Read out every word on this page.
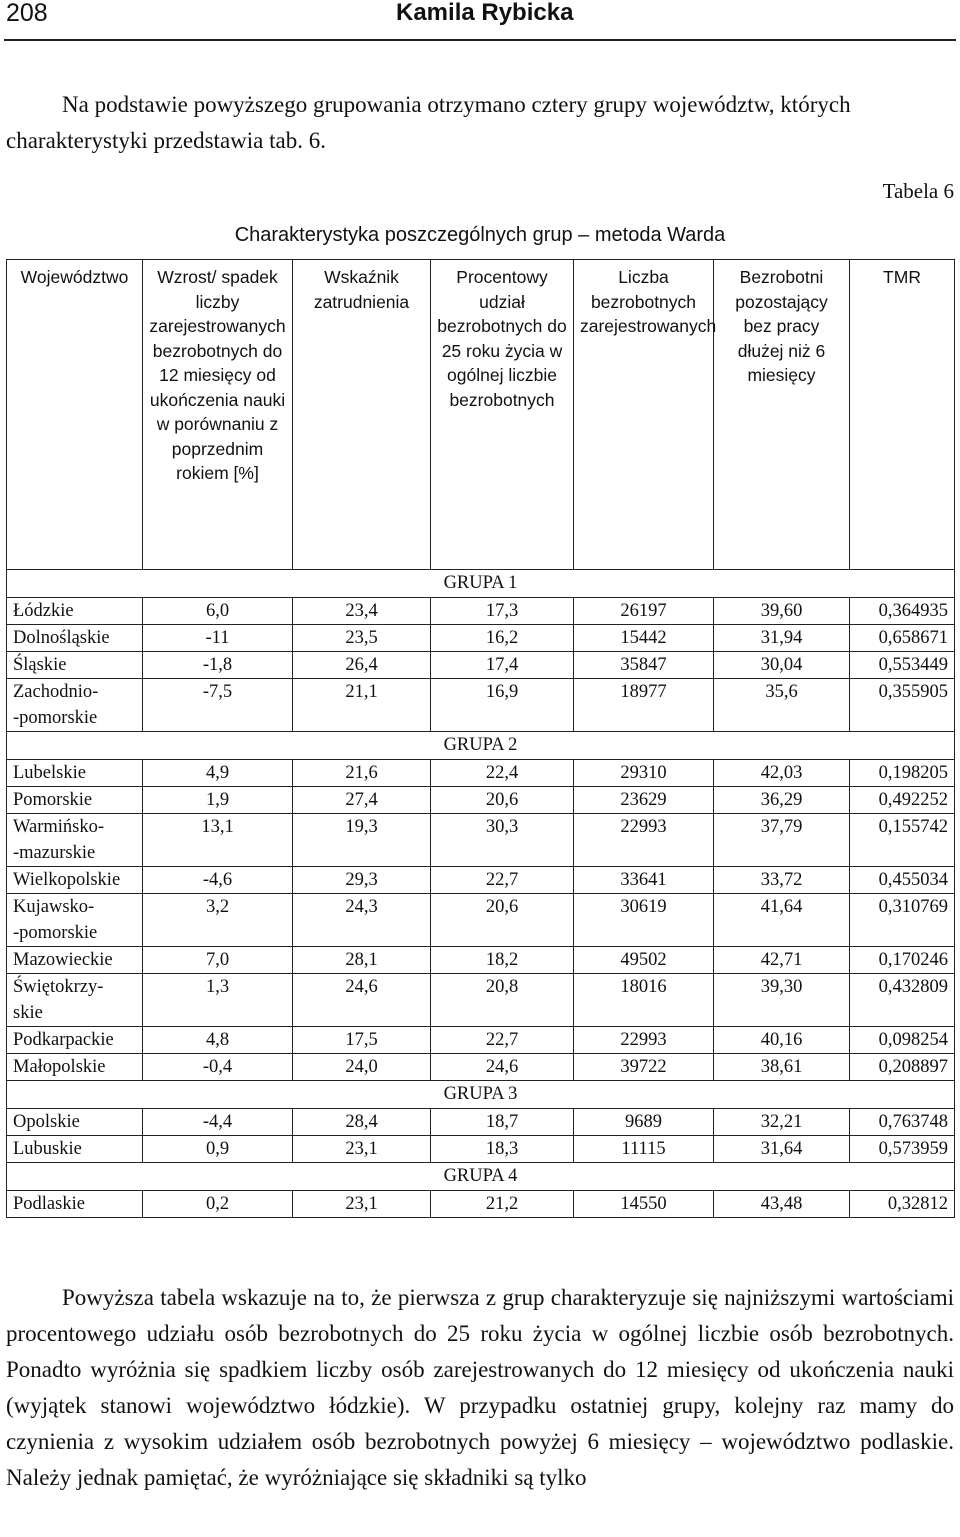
208	Kamila Rybicka

Na podstawie powyższego grupowania otrzymano cztery grupy województw, których charakterystyki przedstawia tab. 6.

Tabela 6
Charakterystyka poszczególnych grup – metoda Warda
Województwo	Wzrost/ spadek liczby zarejestrowanych bezrobotnych do 12 miesięcy od ukończenia nauki w porównaniu z poprzednim rokiem [%]	Wskaźnik zatrudnienia	Procentowy udział bezrobotnych do 25 roku życia w ogólnej liczbie bezrobotnych	Liczba bezrobotnych zarejestrowanych	Bezrobotni pozostający bez pracy dłużej niż 6 miesięcy	TMR
GRUPA 1						
Łódzkie	6,0	23,4	17,3	26197	39,60	0,364935
Dolnośląskie	-11	23,5	16,2	15442	31,94	0,658671
Śląskie	-1,8	26,4	17,4	35847	30,04	0,553449
Zachodnio-
-pomorskie	-7,5	21,1	16,9	18977	35,6	0,355905
GRUPA 2						
Lubelskie	4,9	21,6	22,4	29310	42,03	0,198205
Pomorskie	1,9	27,4	20,6	23629	36,29	0,492252
Warmińsko-
-mazurskie	13,1	19,3	30,3	22993	37,79	0,155742
Wielkopolskie	-4,6	29,3	22,7	33641	33,72	0,455034
Kujawsko-
-pomorskie	3,2	24,3	20,6	30619	41,64	0,310769
Mazowieckie	7,0	28,1	18,2	49502	42,71	0,170246
Świętokrzy-
skie	1,3	24,6	20,8	18016	39,30	0,432809
Podkarpackie	4,8	17,5	22,7	22993	40,16	0,098254
Małopolskie	-0,4	24,0	24,6	39722	38,61	0,208897
GRUPA 3						
Opolskie	-4,4	28,4	18,7	9689	32,21	0,763748
Lubuskie	0,9	23,1	18,3	11115	31,64	0,573959
GRUPA 4						
Podlaskie	0,2	23,1	21,2	14550	43,48	0,32812

Powyższa tabela wskazuje na to, że pierwsza z grup charakteryzuje się najniższymi wartościami procentowego udziału osób bezrobotnych do 25 roku życia w ogólnej liczbie osób bezrobotnych. Ponadto wyróżnia się spadkiem liczby osób zarejestrowanych do 12 miesięcy od ukończenia nauki (wyjątek stanowi województwo łódzkie). W przypadku ostatniej grupy, kolejny raz mamy do czynienia z wysokim udziałem osób bezrobotnych powyżej 6 miesięcy – województwo podlaskie. Należy jednak pamiętać, że wyróżniające się składniki są tylko
